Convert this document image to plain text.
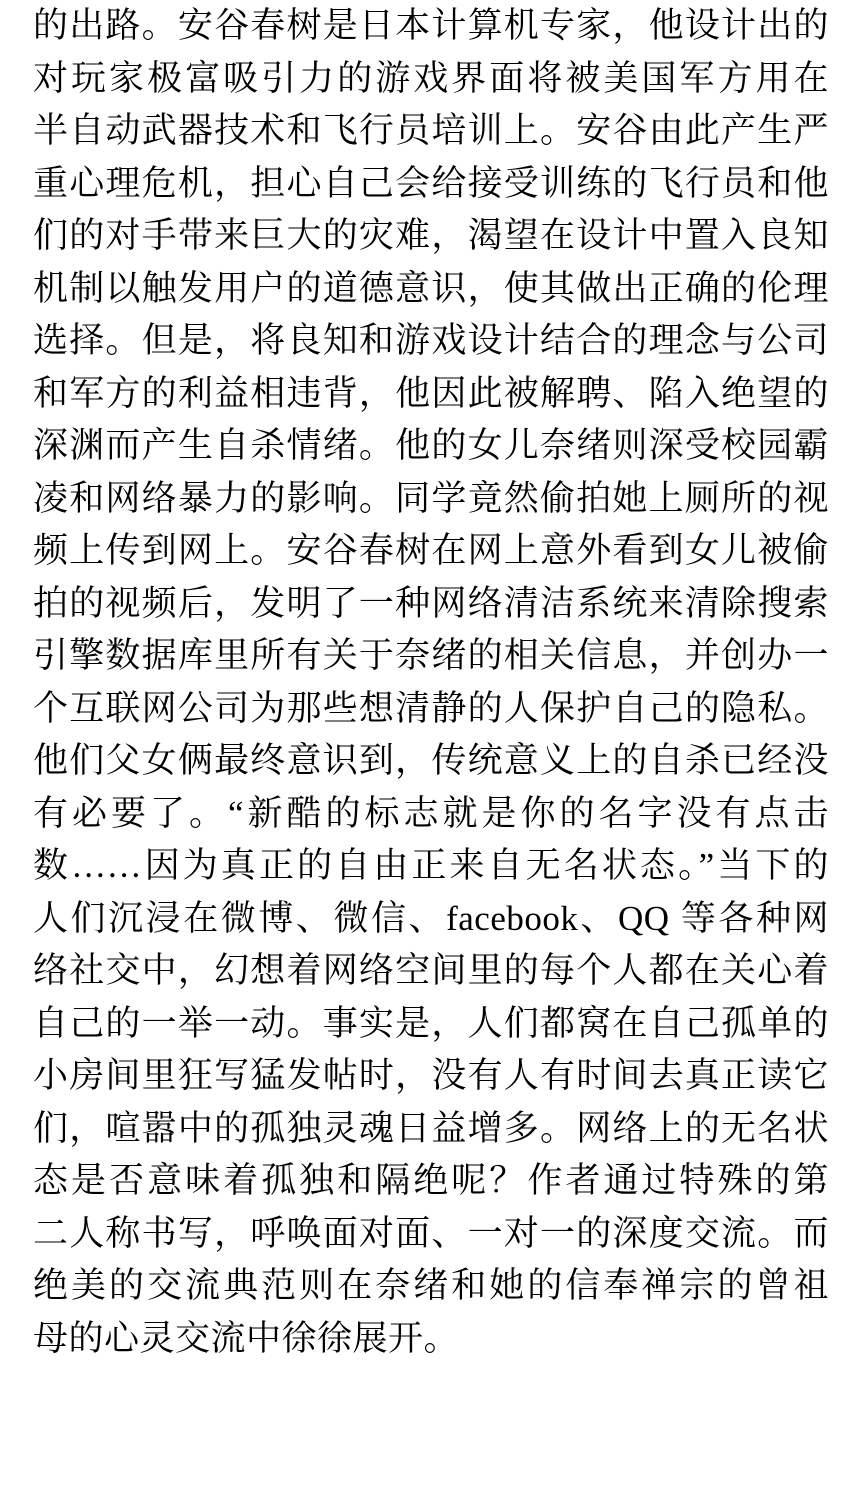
的出路。安谷春树是日本计算机专家，他设计出的
对玩家极富吸引力的游戏界面将被美国军方用在
半自动武器技术和飞行员培训上。安谷由此产生严
重心理危机，担心自己会给接受训练的飞行员和他
们的对手带来巨大的灾难，渴望在设计中置入良知
机制以触发用户的道德意识，使其做出正确的伦理
选择。但是，将良知和游戏设计结合的理念与公司
和军方的利益相违背，他因此被解聘、陷入绝望的
深渊而产生自杀情绪。他的女儿奈绪则深受校园霸
凌和网络暴力的影响。同学竟然偷拍她上厕所的视
频上传到网上。安谷春树在网上意外看到女儿被偷
拍的视频后，发明了一种网络清洁系统来清除搜索
引擎数据库里所有关于奈绪的相关信息，并创办一
个互联网公司为那些想清静的人保护自己的隐私。
他们父女俩最终意识到，传统意义上的自杀已经没
有必要了。“新酷的标志就是你的名字没有点击
数……因为真正的自由正来自无名状态。”当下的
人们沉浸在微博、微信、facebook、QQ 等各种网
络社交中，幻想着网络空间里的每个人都在关心着
自己的一举一动。事实是，人们都窝在自己孤单的
小房间里狂写猛发帖时，没有人有时间去真正读它
们，喧嚣中的孤独灵魂日益增多。网络上的无名状
态是否意味着孤独和隔绝呢？作者通过特殊的第
二人称书写，呼唤面对面、一对一的深度交流。而
绝美的交流典范则在奈绪和她的信奉禅宗的曾祖
母的心灵交流中徐徐展开。
